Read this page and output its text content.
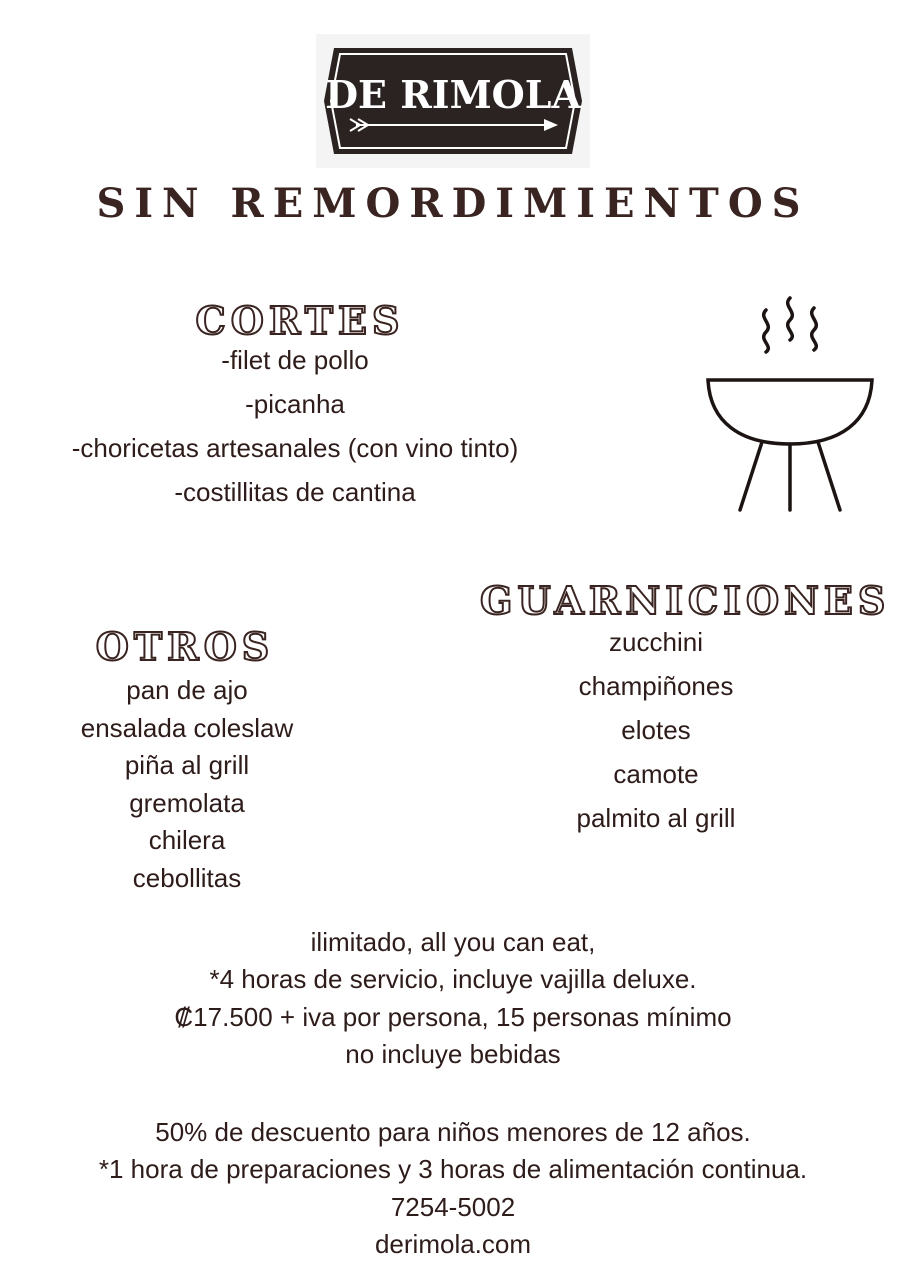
DE RIMOLA
SIN REMORDIMIENTOS
CORTES
-filet de pollo
-picanha
-choricetas artesanales (con vino tinto)
-costillitas de cantina
GUARNICIONES
zucchini
champiñones
elotes
camote
palmito al grill
OTROS
pan de ajo
ensalada coleslaw
piña al grill
gremolata
chilera
cebollitas
ilimitado, all you can eat,
*4 horas de servicio, incluye vajilla deluxe.
₡17.500 + iva por persona, 15 personas mínimo
no incluye bebidas
50% de descuento para niños menores de 12 años.
*1 hora de preparaciones y 3 horas de alimentación continua.
7254-5002
derimola.com
